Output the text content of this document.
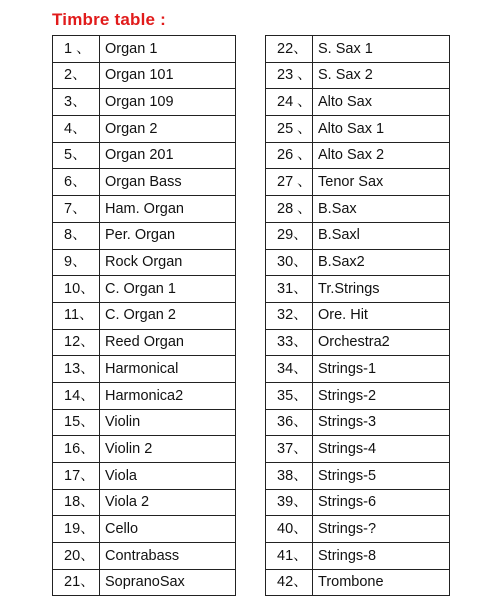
Timbre table :
1 、	Organ 1
2、	Organ 101
3、	Organ 109
4、	Organ 2
5、	Organ 201
6、	Organ Bass
7、	Ham. Organ
8、	Per. Organ
9、	Rock Organ
10、	C. Organ 1
11、	C. Organ 2
12、	Reed Organ
13、	Harmonical
14、	Harmonica2
15、	Violin
16、	Violin 2
17、	Viola
18、	Viola 2
19、	Cello
20、	Contrabass
21、	SopranoSax
22、	S. Sax 1
23 、	S. Sax 2
24 、	Alto Sax
25 、	Alto Sax 1
26 、	Alto Sax 2
27 、	Tenor Sax
28 、	B.Sax
29、	B.Saxl
30、	B.Sax2
31、	Tr.Strings
32、	Ore. Hit
33、	Orchestra2
34、	Strings-1
35、	Strings-2
36、	Strings-3
37、	Strings-4
38、	Strings-5
39、	Strings-6
40、	Strings-?
41、	Strings-8
42、	Trombone
